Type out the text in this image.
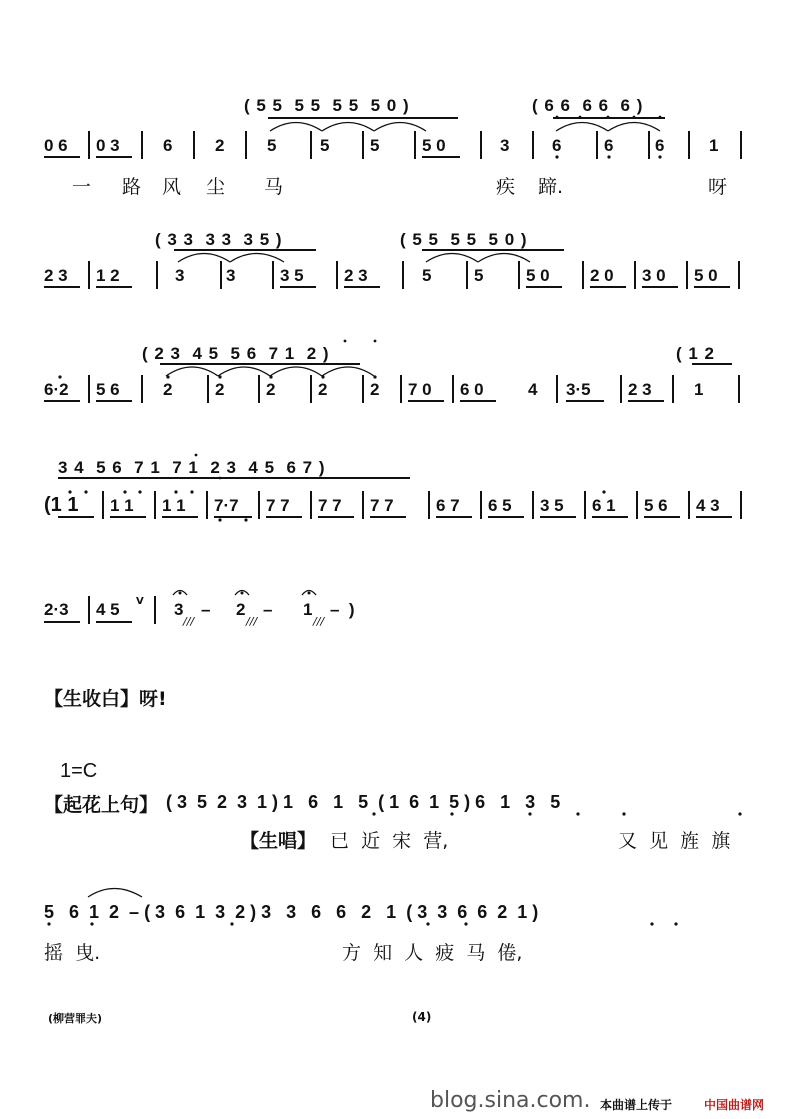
( 5 5  5 5  5 5  5 0 )	( 6 6  6 6  6 )
0 6 0 3	6	2	5	5 5	5 0	3	6	6 6	1
一 路 风 尘 马	疾 蹄.	呀
( 3 3  3 3  3 5 )	( 5 5  5 5  5 0 )
2 3 1 2	3 3	3 5 2 3	5	5	5 0 2 0 3 0 5 0
( 2 3  4 5  5 6  7 1  2 )	( 1 2
6·2 5 6	2	2 2	2	2 7 0 6 0	4 3·5 2 3 1
3 4  5 6  7 1  7 1  2 3  4 5  6 7 )
(1 1 1 1 1 1 7·7 7 7 7 7 7 7 6 7 6 5 3 5 6 1 5 6 4 3
2·3 4 5 V 3 – 2 – 1 –  )
///	///	///
【生收白】呀!
1=C
【起花上句】 ( 3  5  2  3  1 ) 1   6   1   5  ( 1  6  1  5 ) 6   1   3   5
【生唱】 已  近  宋  营,	又  见  旌  旗
5   6  1  2  – ( 3  6  1  3  2 ) 3   3   6   6   2   1  ( 3  3  6  6  2  1 )
摇  曳.	方  知  人  疲  马  倦,
(柳营罪夫)	(4)
blog.sina.com. 本曲谱上传于	中国曲谱网
